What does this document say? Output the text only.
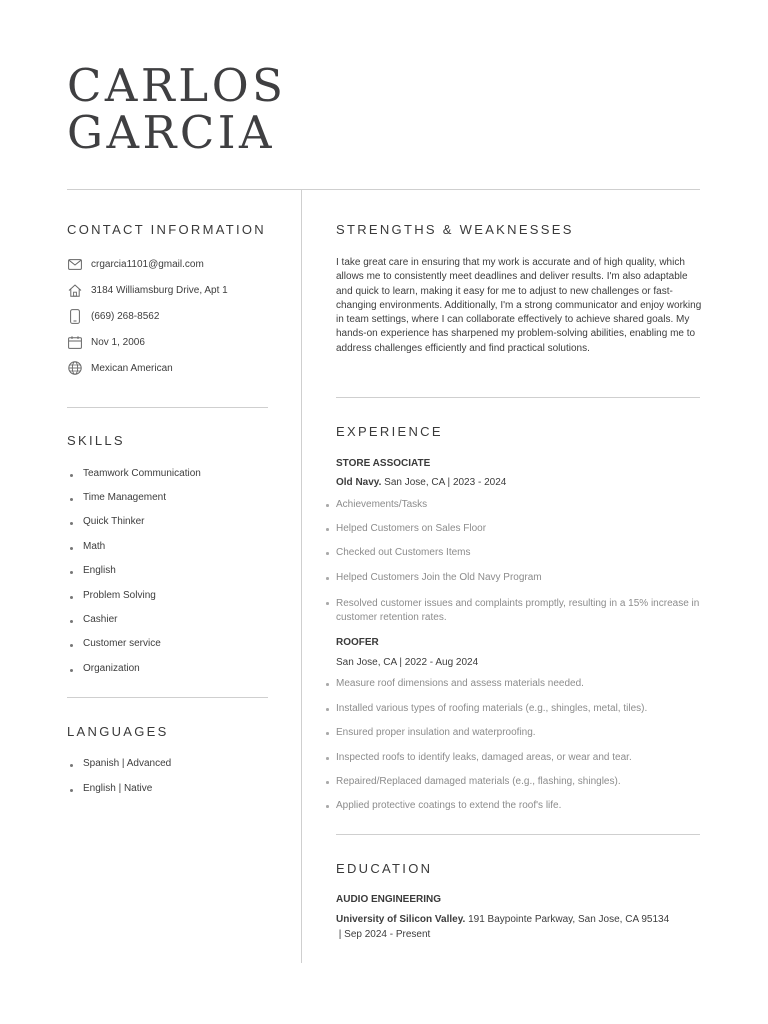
CARLOS
GARCIA
CONTACT INFORMATION
crgarcia1101@gmail.com
3184 Williamsburg Drive, Apt 1
(669) 268-8562
Nov 1, 2006
Mexican American
SKILLS
Teamwork Communication
Time Management
Quick Thinker
Math
English
Problem Solving
Cashier
Customer service
Organization
LANGUAGES
Spanish | Advanced
English | Native
STRENGTHS & WEAKNESSES

I take great care in ensuring that my work is accurate and of high quality, which allows me to consistently meet deadlines and deliver results. I'm also adaptable and quick to learn, making it easy for me to adjust to new challenges or fast-changing environments. Additionally, I'm a strong communicator and enjoy working in team settings, where I can collaborate effectively to achieve shared goals. My hands-on experience has sharpened my problem-solving abilities, enabling me to address challenges efficiently and find practical solutions.

EXPERIENCE
STORE ASSOCIATE
Old Navy. San Jose, CA | 2023 - 2024
Achievements/Tasks
Helped Customers on Sales Floor
Checked out Customers Items
Helped Customers Join the Old Navy Program
Resolved customer issues and complaints promptly, resulting in a 15% increase in customer retention rates.
ROOFER
San Jose, CA | 2022 - Aug 2024
Measure roof dimensions and assess materials needed.
Installed various types of roofing materials (e.g., shingles, metal, tiles).
Ensured proper insulation and waterproofing.
Inspected roofs to identify leaks, damaged areas, or wear and tear.
Repaired/Replaced damaged materials (e.g., flashing, shingles).
Applied protective coatings to extend the roof's life.
EDUCATION
AUDIO ENGINEERING
University of Silicon Valley. 191 Baypointe Parkway, San Jose, CA 95134
| Sep 2024 - Present
